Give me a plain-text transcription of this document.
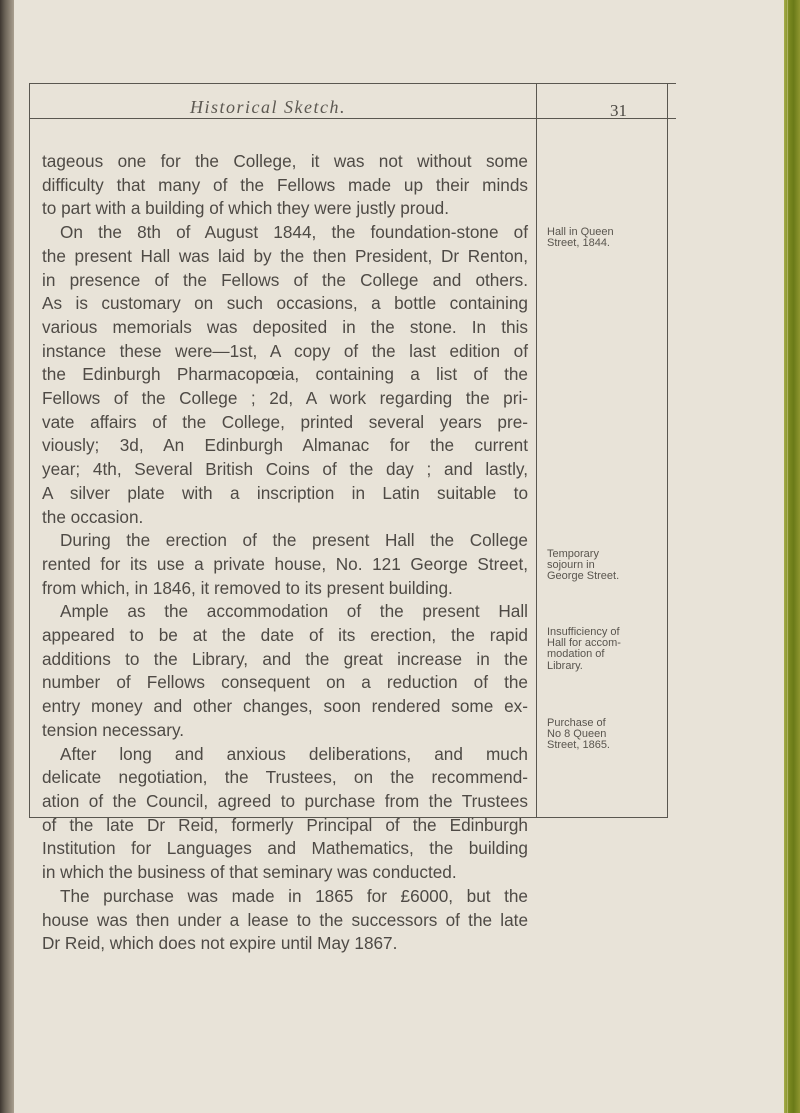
Historical Sketch.	31
tageous one for the College, it was not without some
difficulty that many of the Fellows made up their minds
to part with a building of which they were justly proud.
On the 8th of August 1844, the foundation-stone of
the present Hall was laid by the then President, Dr Renton,
in presence of the Fellows of the College and others.
As is customary on such occasions, a bottle containing
various memorials was deposited in the stone. In this
instance these were—1st, A copy of the last edition of
the Edinburgh Pharmacopœia, containing a list of the
Fellows of the College ; 2d, A work regarding the pri-
vate affairs of the College, printed several years pre-
viously; 3d, An Edinburgh Almanac for the current
year; 4th, Several British Coins of the day ; and lastly,
A silver plate with a inscription in Latin suitable to
the occasion.
During the erection of the present Hall the College
rented for its use a private house, No. 121 George Street,
from which, in 1846, it removed to its present building.
Ample as the accommodation of the present Hall
appeared to be at the date of its erection, the rapid
additions to the Library, and the great increase in the
number of Fellows consequent on a reduction of the
entry money and other changes, soon rendered some ex-
tension necessary.
After long and anxious deliberations, and much
delicate negotiation, the Trustees, on the recommend-
ation of the Council, agreed to purchase from the Trustees
of the late Dr Reid, formerly Principal of the Edinburgh
Institution for Languages and Mathematics, the building
in which the business of that seminary was conducted.
The purchase was made in 1865 for £6000, but the
house was then under a lease to the successors of the late
Dr Reid, which does not expire until May 1867.
Hall in Queen
Street, 1844.
Temporary
sojourn in
George Street.
Insufficiency of
Hall for accom-
modation of
Library.
Purchase of
No 8 Queen
Street, 1865.
